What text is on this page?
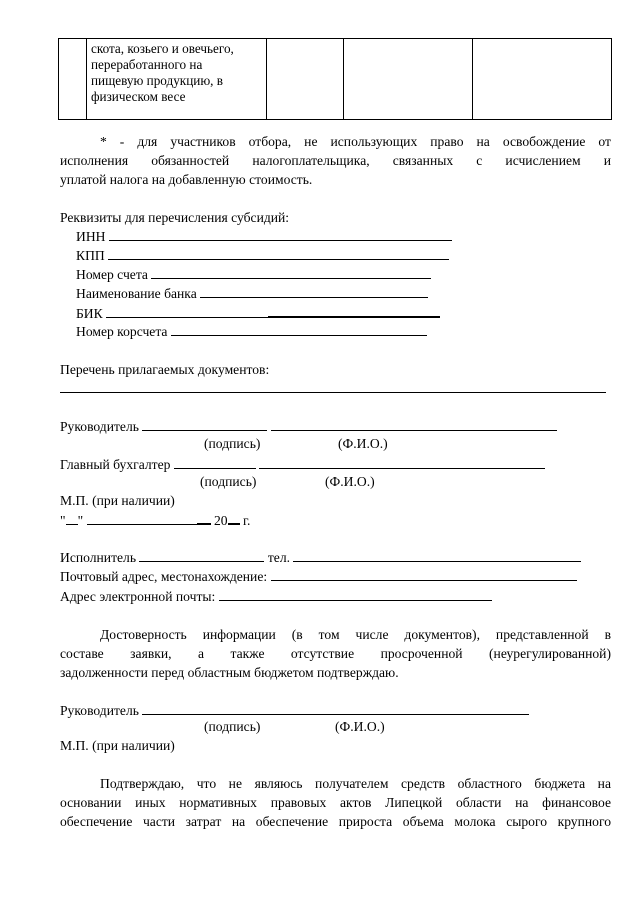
скота, козьего и овечьего,
переработанного на
пищевую продукцию, в
физическом весе

* - для участников отбора, не использующих право на освобождение от
исполнения обязанностей налогоплательщика, связанных с исчислением и
уплатой налога на добавленную стоимость.
Реквизиты для перечисления субсидий:
ИНН
КПП
Номер счета
Наименование банка
БИК
Номер корсчета
Перечень прилагаемых документов:
Руководитель
(подпись)	(Ф.И.О.)
Главный бухгалтер
(подпись)	(Ф.И.О.)
М.П. (при наличии)
" "	20 г.
Исполнитель	тел.
Почтовый адрес, местонахождение:
Адрес электронной почты:
Достоверность информации (в том числе документов), представленной в
составе заявки, а также отсутствие просроченной (неурегулированной)
задолженности перед областным бюджетом подтверждаю.
Руководитель
(подпись)	(Ф.И.О.)
М.П. (при наличии)
Подтверждаю, что не являюсь получателем средств областного бюджета на
основании иных нормативных правовых актов Липецкой области на финансовое
обеспечение части затрат на обеспечение прироста объема молока сырого крупного
